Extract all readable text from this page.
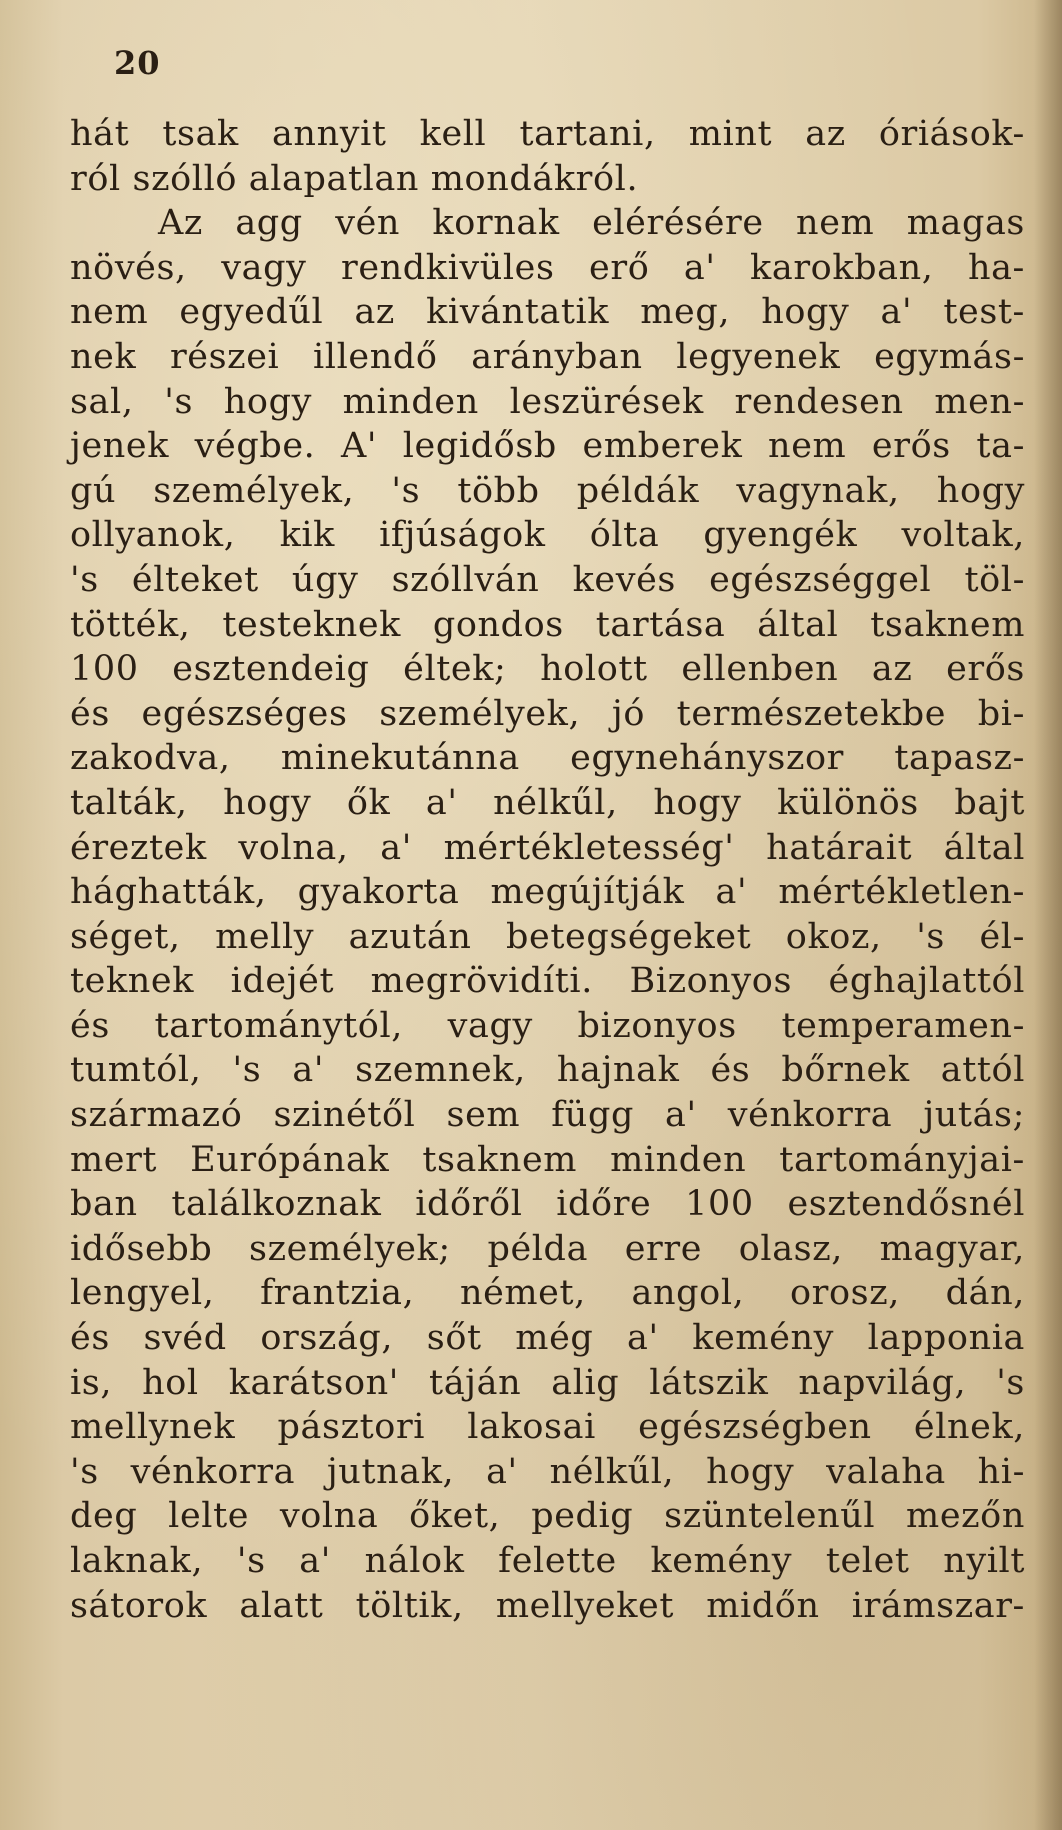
20
hát tsak annyit kell tartani, mint az óriások-
ról szólló alapatlan mondákról.
Az agg vén kornak elérésére nem magas
növés, vagy rendkivüles erő a' karokban, ha-
nem egyedűl az kivántatik meg, hogy a' test-
nek részei illendő arányban legyenek egymás-
sal, 's hogy minden leszürések rendesen men-
jenek végbe. A' legidősb emberek nem erős ta-
gú személyek, 's több példák vagynak, hogy
ollyanok, kik ifjúságok ólta gyengék voltak,
's élteket úgy szóllván kevés egészséggel töl-
tötték, testeknek gondos tartása által tsaknem
100 esztendeig éltek; holott ellenben az erős
és egészséges személyek, jó természetekbe bi-
zakodva, minekutánna egynehányszor tapasz-
talták, hogy ők a' nélkűl, hogy különös bajt
éreztek volna, a' mértékletesség' határait által
hághatták, gyakorta megújítják a' mértékletlen-
séget, melly azután betegségeket okoz, 's él-
teknek idejét megrövidíti. Bizonyos éghajlattól
és tartománytól, vagy bizonyos temperamen-
tumtól, 's a' szemnek, hajnak és bőrnek attól
származó szinétől sem függ a' vénkorra jutás;
mert Európának tsaknem minden tartományjai-
ban találkoznak időről időre 100 esztendősnél
idősebb személyek; példa erre olasz, magyar,
lengyel, frantzia, német, angol, orosz, dán,
és svéd ország, sőt még a' kemény lapponia
is, hol karátson' táján alig látszik napvilág, 's
mellynek pásztori lakosai egészségben élnek,
's vénkorra jutnak, a' nélkűl, hogy valaha hi-
deg lelte volna őket, pedig szüntelenűl mezőn
laknak, 's a' nálok felette kemény telet nyilt
sátorok alatt töltik, mellyeket midőn irámszar-
